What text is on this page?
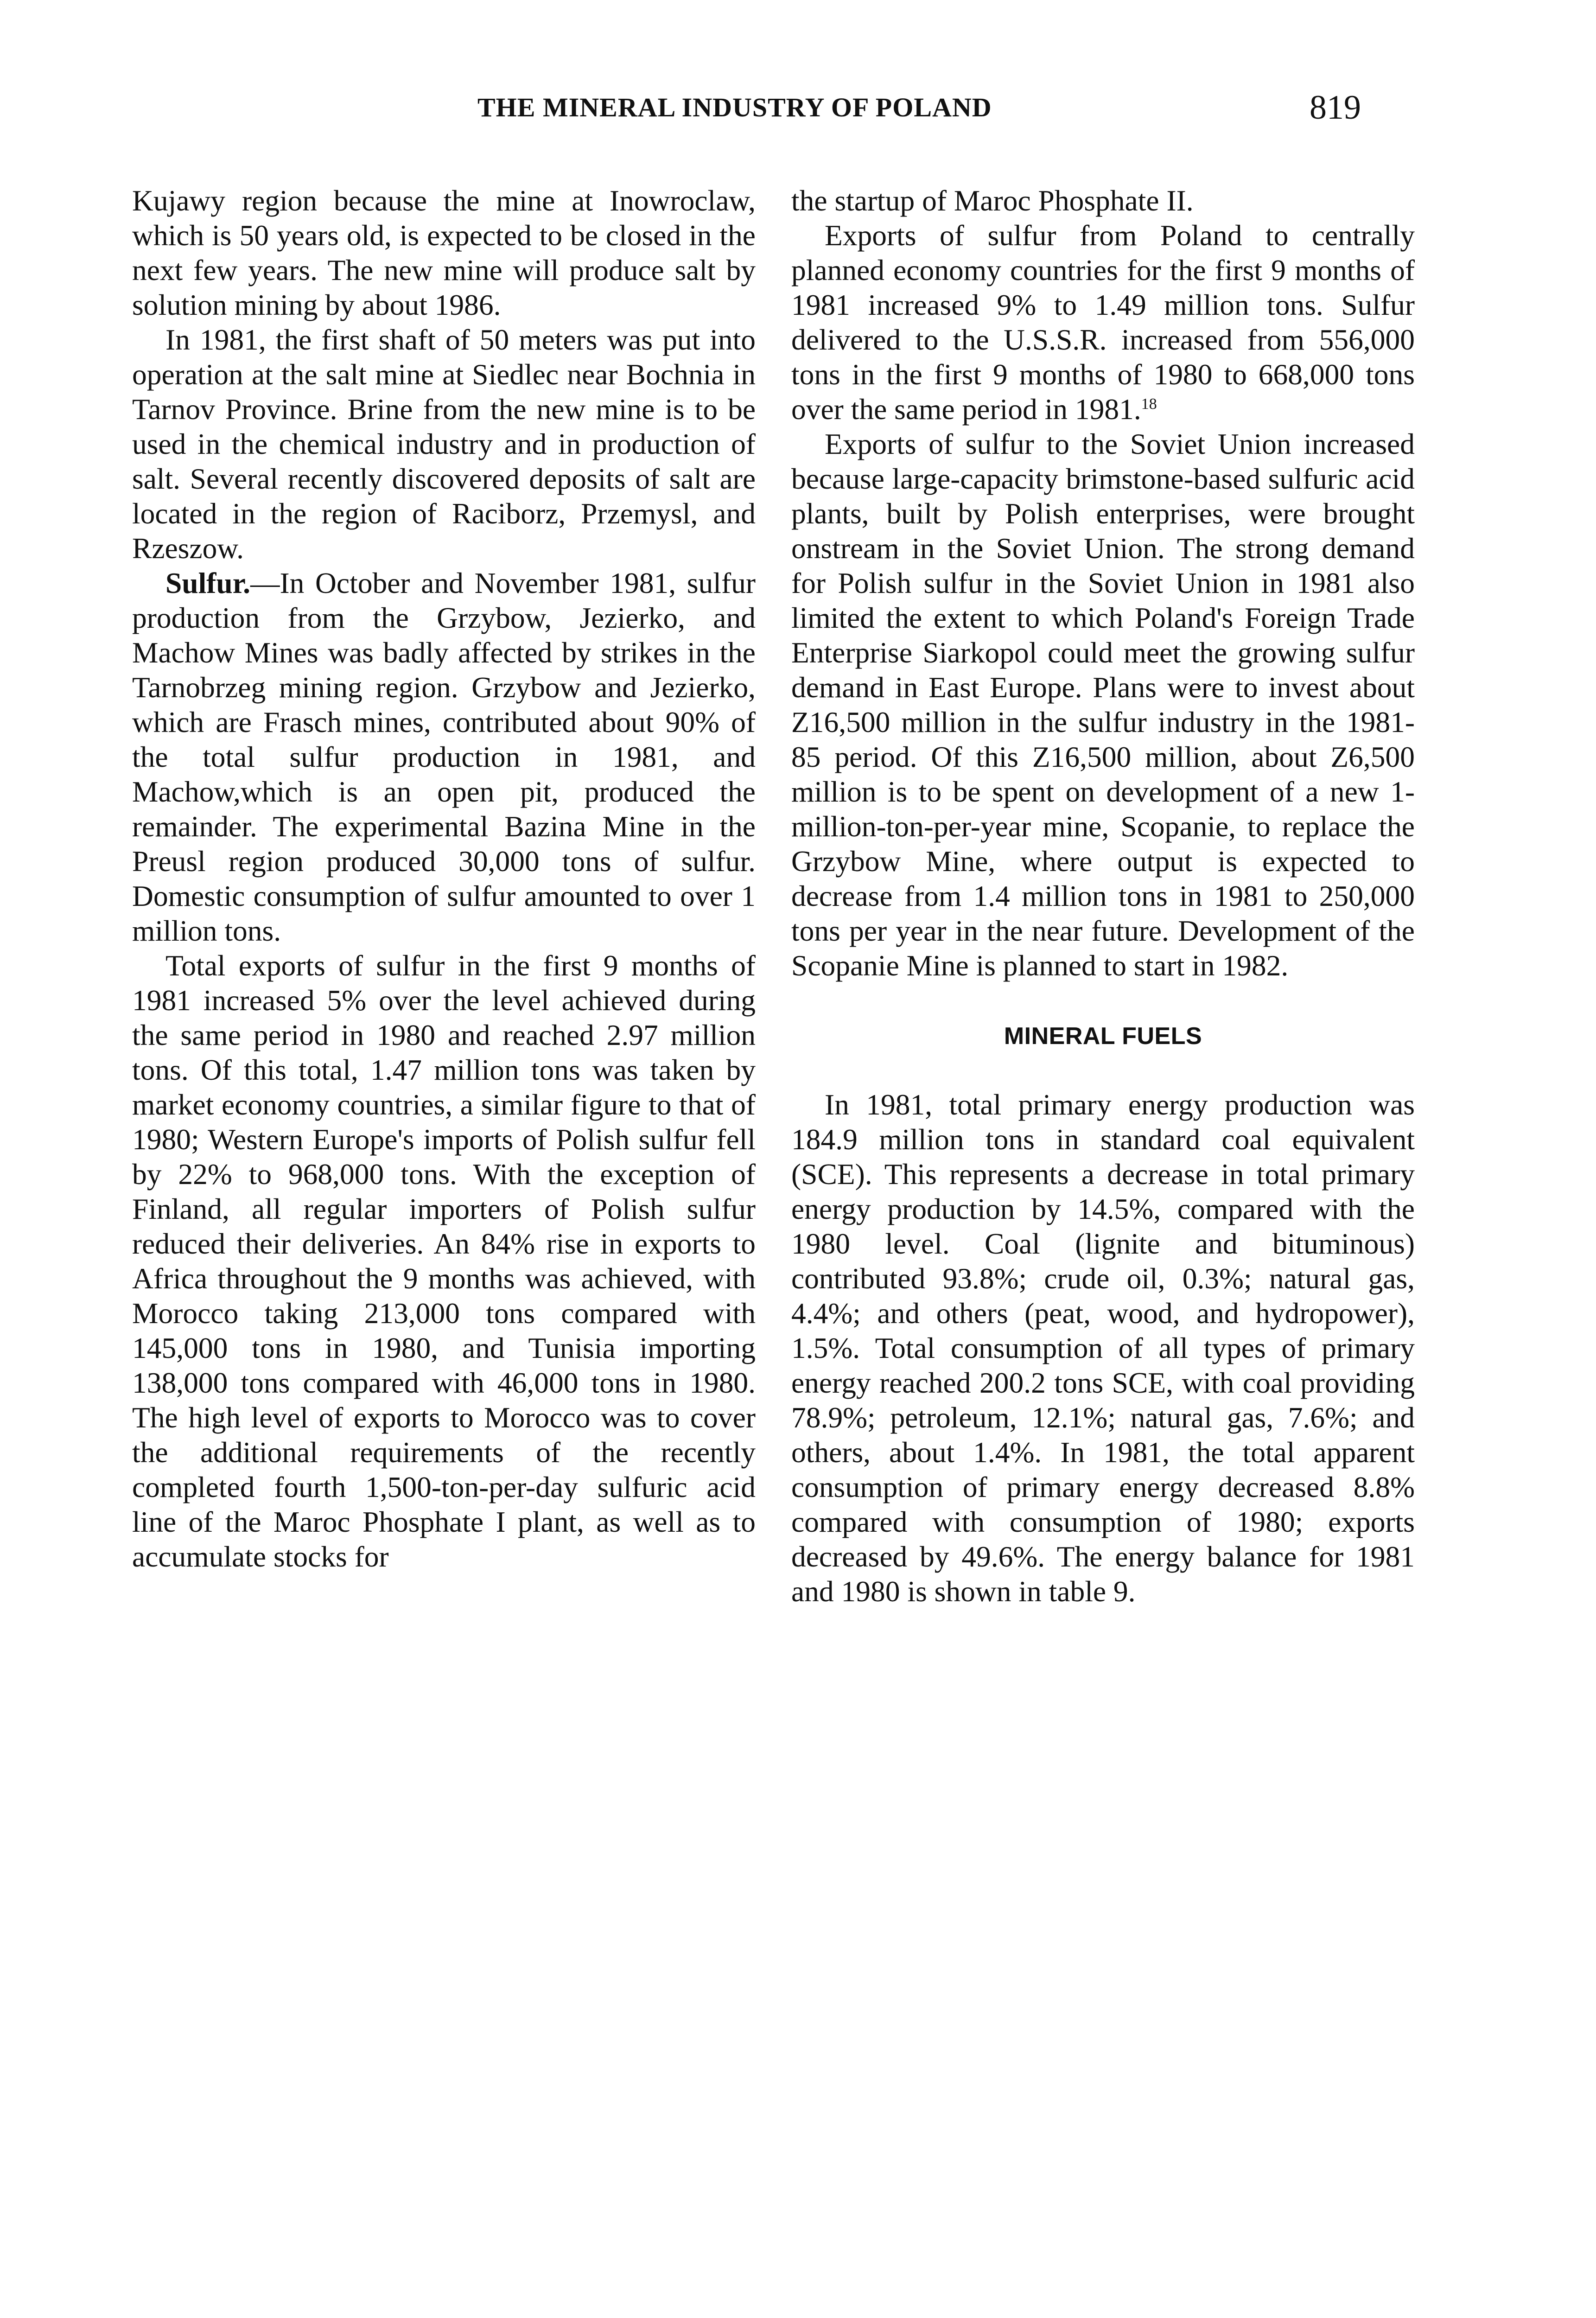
THE MINERAL INDUSTRY OF POLAND	819

Kujawy region because the mine at Inowroclaw, which is 50 years old, is expected to be closed in the next few years. The new mine will produce salt by solution mining by about 1986.

In 1981, the first shaft of 50 meters was put into operation at the salt mine at Siedlec near Bochnia in Tarnov Province. Brine from the new mine is to be used in the chemical industry and in production of salt. Several recently discovered deposits of salt are located in the region of Raciborz, Przemysl, and Rzeszow.

Sulfur.—In October and November 1981, sulfur production from the Grzybow, Jezierko, and Machow Mines was badly affected by strikes in the Tarnobrzeg mining region. Grzybow and Jezierko, which are Frasch mines, contributed about 90% of the total sulfur production in 1981, and Machow,which is an open pit, produced the remainder. The experimental Bazina Mine in the Preusl region produced 30,000 tons of sulfur. Domestic consumption of sulfur amounted to over 1 million tons.

Total exports of sulfur in the first 9 months of 1981 increased 5% over the level achieved during the same period in 1980 and reached 2.97 million tons. Of this total, 1.47 million tons was taken by market economy countries, a similar figure to that of 1980; Western Europe's imports of Polish sulfur fell by 22% to 968,000 tons. With the exception of Finland, all regular importers of Polish sulfur reduced their deliveries. An 84% rise in exports to Africa throughout the 9 months was achieved, with Morocco taking 213,000 tons compared with 145,000 tons in 1980, and Tunisia importing 138,000 tons compared with 46,000 tons in 1980. The high level of exports to Morocco was to cover the additional requirements of the recently completed fourth 1,500-ton-per-day sulfuric acid line of the Maroc Phosphate I plant, as well as to accumulate stocks for

the startup of Maroc Phosphate II.

Exports of sulfur from Poland to centrally planned economy countries for the first 9 months of 1981 increased 9% to 1.49 million tons. Sulfur delivered to the U.S.S.R. increased from 556,000 tons in the first 9 months of 1980 to 668,000 tons over the same period in 1981.18

Exports of sulfur to the Soviet Union increased because large-capacity brimstone-based sulfuric acid plants, built by Polish enterprises, were brought onstream in the Soviet Union. The strong demand for Polish sulfur in the Soviet Union in 1981 also limited the extent to which Poland's Foreign Trade Enterprise Siarkopol could meet the growing sulfur demand in East Europe. Plans were to invest about Z16,500 million in the sulfur industry in the 1981-85 period. Of this Z16,500 million, about Z6,500 million is to be spent on development of a new 1-million-ton-per-year mine, Scopanie, to replace the Grzybow Mine, where output is expected to decrease from 1.4 million tons in 1981 to 250,000 tons per year in the near future. Development of the Scopanie Mine is planned to start in 1982.

MINERAL FUELS

In 1981, total primary energy production was 184.9 million tons in standard coal equivalent (SCE). This represents a decrease in total primary energy production by 14.5%, compared with the 1980 level. Coal (lignite and bituminous) contributed 93.8%; crude oil, 0.3%; natural gas, 4.4%; and others (peat, wood, and hydropower), 1.5%. Total consumption of all types of primary energy reached 200.2 tons SCE, with coal providing 78.9%; petroleum, 12.1%; natural gas, 7.6%; and others, about 1.4%. In 1981, the total apparent consumption of primary energy decreased 8.8% compared with consumption of 1980; exports decreased by 49.6%. The energy balance for 1981 and 1980 is shown in table 9.
